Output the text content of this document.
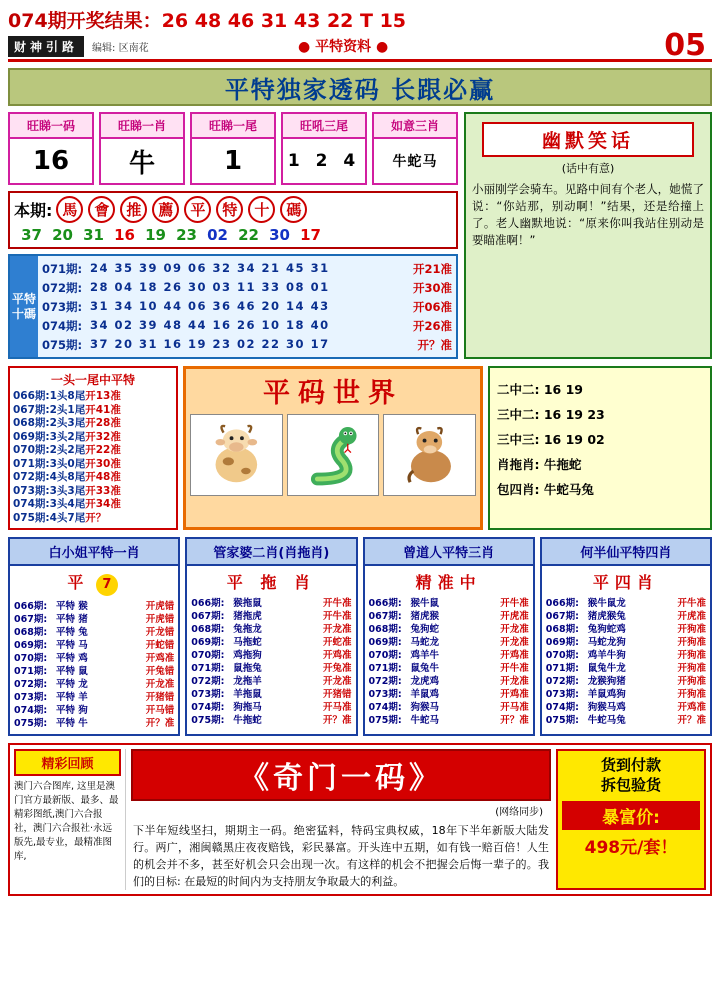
074期开奖结果：26 48 46 31 43 22 T 15
财神引路	编辑: 区南花	● 平特资料 ●	05
平特独家透码 长跟必赢
旺睇一码
16
旺睇一肖
牛
旺睇一尾
1
旺吼三尾
1 2 4
如意三肖
牛蛇马
本期: 馬	會	推	薦	平	特	十	碼
37 20 31 16 19 23 02 22 30 17
平特十碼
071期: 24 35 39 09 06 32 34 21 45 31	开21准
072期: 28 04 18 26 30 03 11 33 08 01	开30准
073期: 31 34 10 44 06 36 46 20 14 43	开06准
074期: 34 02 39 48 44 16 26 10 18 40	开26准
075期: 37 20 31 16 19 23 02 22 30 17	开？准
幽默笑话
(话中有意)
小丽刚学会骑车。见路中间有个老人，她慌了说：“你站那，别动啊！”结果，还是给撞上了。老人幽默地说：“原来你叫我站住别动是要瞄准啊！”
一头一尾中平特
066期:1头8尾开13准
067期:2头1尾开41准
068期:2头3尾开28准
069期:3头2尾开32准
070期:2头2尾开22准
071期:3头0尾开30准
072期:4头8尾开48准
073期:3头3尾开33准
074期:3头4尾开34准
075期:4头7尾开？
平码世界	二中二: 16 19
三中二: 16 19 23
三中三: 16 19 02
肖拖肖: 牛拖蛇
包四肖: 牛蛇马兔
白小姐平特一肖
平 7
066期: 平特 猴	开虎错
067期: 平特 猪	开虎错
068期: 平特 兔	开龙错
069期: 平特 马	开蛇错
070期: 平特 鸡	开鸡准
071期: 平特 鼠	开兔错
072期: 平特 龙	开龙准
073期: 平特 羊	开猪错
074期: 平特 狗	开马错
075期: 平特 牛	开？准
管家婆二肖(肖拖肖)
平 拖 肖
066期: 猴拖鼠	开牛准
067期: 猪拖虎	开牛准
068期: 兔拖龙	开龙准
069期: 马拖蛇	开蛇准
070期: 鸡拖狗	开鸡准
071期: 鼠拖兔	开兔准
072期: 龙拖羊	开龙准
073期: 羊拖鼠	开猪错
074期: 狗拖马	开马准
075期: 牛拖蛇	开？准
曾道人平特三肖
精准中
066期: 猴牛鼠	开牛准
067期: 猪虎猴	开虎准
068期: 兔狗蛇	开龙准
069期: 马蛇龙	开龙准
070期: 鸡羊牛	开鸡准
071期: 鼠兔牛	开牛准
072期: 龙虎鸡	开龙准
073期: 羊鼠鸡	开鸡准
074期: 狗猴马	开马准
075期: 牛蛇马	开？准
何半仙平特四肖
平四肖
066期: 猴牛鼠龙	开牛准
067期: 猪虎猴兔	开虎准
068期: 兔狗蛇鸡	开狗准
069期: 马蛇龙狗	开狗准
070期: 鸡羊牛狗	开狗准
071期: 鼠兔牛龙	开狗准
072期: 龙猴狗猪	开狗准
073期: 羊鼠鸡狗	开狗准
074期: 狗猴马鸡	开鸡准
075期: 牛蛇马兔	开？准
精彩回顾

澳门六合图库, 这里是澳门官方最新版、最多、最精彩图纸,澳门六合报社，澳门六合报社·永远版先,最专业，最精准图库,

《奇门一码》
(网络同步)
下半年短线坚扫，期期主一码。绝密猛料，特码宝典权威，18年下半年新版大陆发行。两广，湘闽赣黑庄夜夜赔钱，彩民暴富。开头连中五期，如有钱一赔百倍！人生的机会并不多，甚至好机会只会出现一次。有这样的机会不把握会后悔一辈子的。我们的目标: 在最短的时间内为支持朋友争取最大的利益。
货到付款
拆包验货
暴富价:
498元/套！
